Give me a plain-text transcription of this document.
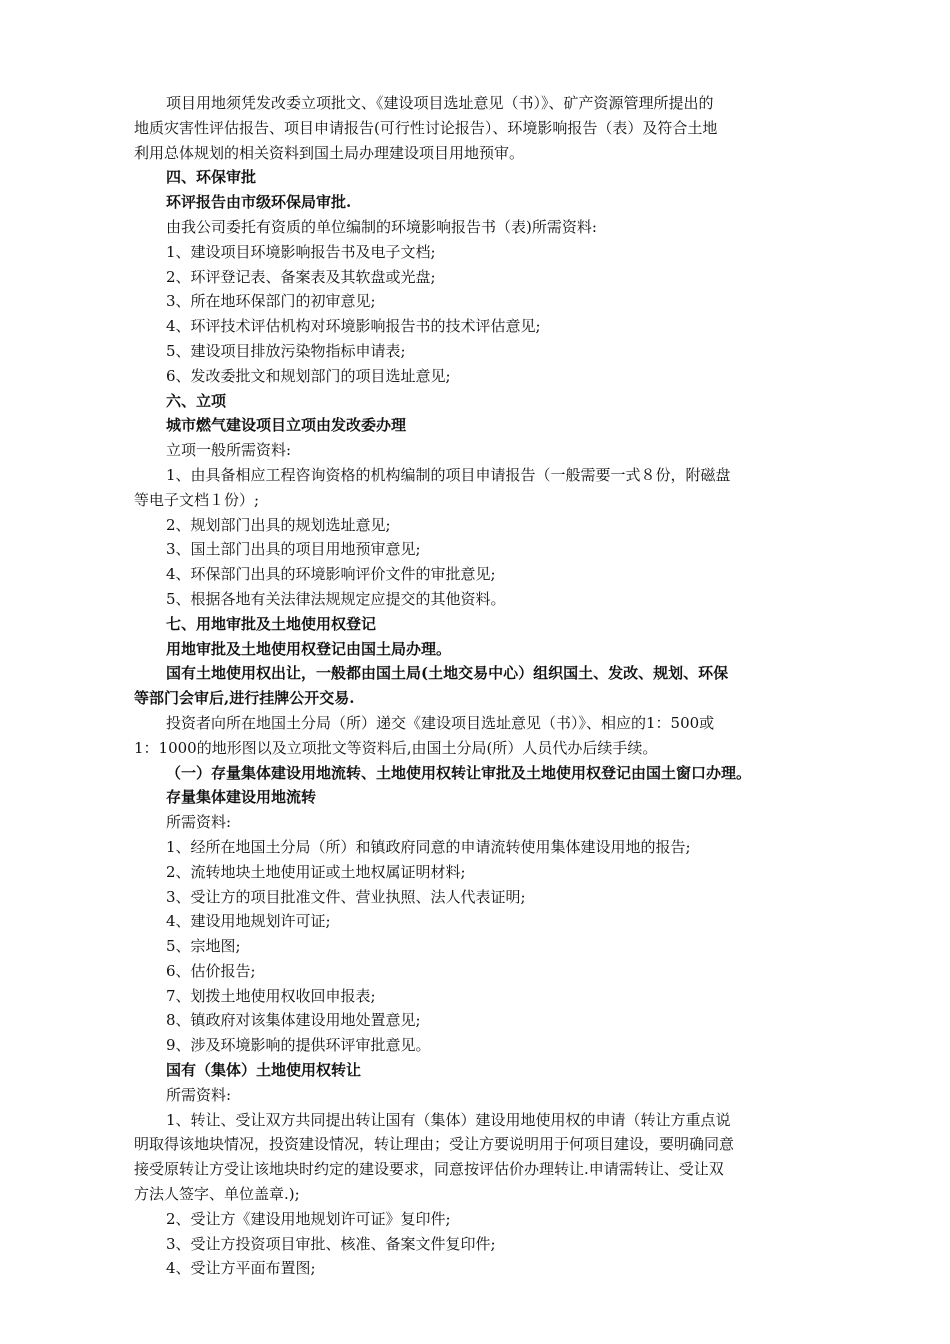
项目用地须凭发改委立项批文、《建设项目选址意见（书）》、矿产资源管理所提出的
地质灾害性评估报告、项目申请报告(可行性讨论报告）、环境影响报告（表）及符合土地
利用总体规划的相关资料到国土局办理建设项目用地预审。
四、环保审批
环评报告由市级环保局审批.
由我公司委托有资质的单位编制的环境影响报告书（表)所需资料:
1、建设项目环境影响报告书及电子文档;
2、环评登记表、备案表及其软盘或光盘;
3、所在地环保部门的初审意见;
4、环评技术评估机构对环境影响报告书的技术评估意见;
5、建设项目排放污染物指标申请表;
6、发改委批文和规划部门的项目选址意见;
六、立项
城市燃气建设项目立项由发改委办理
立项一般所需资料:
1、由具备相应工程咨询资格的机构编制的项目申请报告（一般需要一式８份，附磁盘
等电子文档１份）;
2、规划部门出具的规划选址意见;
3、国土部门出具的项目用地预审意见;
4、环保部门出具的环境影响评价文件的审批意见;
5、根据各地有关法律法规规定应提交的其他资料。
七、用地审批及土地使用权登记
用地审批及土地使用权登记由国土局办理。
国有土地使用权出让，一般都由国土局(土地交易中心）组织国土、发改、规划、环保
等部门会审后,进行挂牌公开交易.
投资者向所在地国土分局（所）递交《建设项目选址意见（书）》、相应的1：500或
1：1000的地形图以及立项批文等资料后,由国土分局(所）人员代办后续手续。
（一）存量集体建设用地流转、土地使用权转让审批及土地使用权登记由国土窗口办理。
存量集体建设用地流转
所需资料:
1、经所在地国土分局（所）和镇政府同意的申请流转使用集体建设用地的报告;
2、流转地块土地使用证或土地权属证明材料;
3、受让方的项目批准文件、营业执照、法人代表证明;
4、建设用地规划许可证;
5、宗地图;
6、估价报告;
7、划拨土地使用权收回申报表;
8、镇政府对该集体建设用地处置意见;
9、涉及环境影响的提供环评审批意见。
国有（集体）土地使用权转让
所需资料:
1、转让、受让双方共同提出转让国有（集体）建设用地使用权的申请（转让方重点说
明取得该地块情况，投资建设情况，转让理由；受让方要说明用于何项目建设，要明确同意
接受原转让方受让该地块时约定的建设要求，同意按评估价办理转让.申请需转让、受让双
方法人签字、单位盖章.);
2、受让方《建设用地规划许可证》复印件;
3、受让方投资项目审批、核准、备案文件复印件;
4、受让方平面布置图;
